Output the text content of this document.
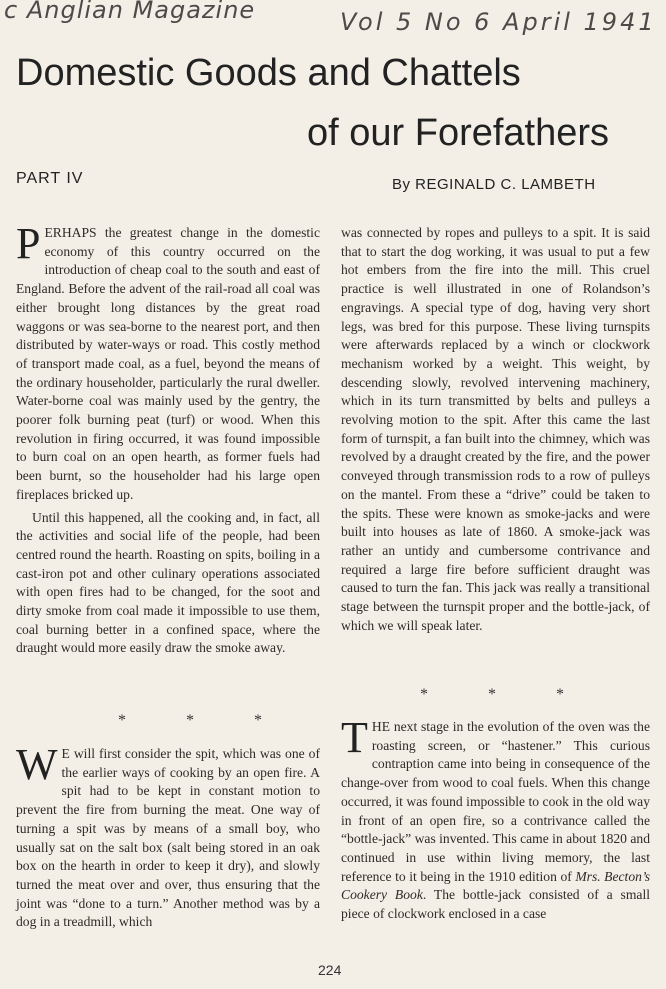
c Anglian Magazine	Vol 5 No 6 April 1941
Domestic Goods and Chattels
of our Forefathers
PART IV	By REGINALD C. LAMBETH

PERHAPS the greatest change in the domestic economy of this country occurred on the introduction of cheap coal to the south and east of England. Before the advent of the rail-road all coal was either brought long distances by the great road waggons or was sea-borne to the nearest port, and then distributed by water-ways or road. This costly method of transport made coal, as a fuel, beyond the means of the ordinary householder, particularly the rural dweller. Water-borne coal was mainly used by the gentry, the poorer folk burning peat (turf) or wood. When this revolution in firing occurred, it was found impossible to burn coal on an open hearth, as former fuels had been burnt, so the householder had his large open fireplaces bricked up.

Until this happened, all the cooking and, in fact, all the activities and social life of the people, had been centred round the hearth. Roasting on spits, boiling in a cast-iron pot and other culinary operations associated with open fires had to be changed, for the soot and dirty smoke from coal made it impossible to use them, coal burning better in a confined space, where the draught would more easily draw the smoke away.

* * *

W E will first consider the spit, which was one of the earlier ways of cooking by an open fire. A spit had to be kept in constant motion to prevent the fire from burning the meat. One way of turning a spit was by means of a small boy, who usually sat on the salt box (salt being stored in an oak box on the hearth in order to keep it dry), and slowly turned the meat over and over, thus ensuring that the joint was “done to a turn.” Another method was by a dog in a treadmill, which

was connected by ropes and pulleys to a spit. It is said that to start the dog working, it was usual to put a few hot embers from the fire into the mill. This cruel practice is well illustrated in one of Rolandson’s engravings. A special type of dog, having very short legs, was bred for this purpose. These living turnspits were afterwards replaced by a winch or clockwork mechanism worked by a weight. This weight, by descending slowly, revolved intervening machinery, which in its turn transmitted by belts and pulleys a revolving motion to the spit. After this came the last form of turnspit, a fan built into the chimney, which was revolved by a draught created by the fire, and the power conveyed through transmission rods to a row of pulleys on the mantel. From these a “drive” could be taken to the spits. These were known as smoke-jacks and were built into houses as late of 1860. A smoke-jack was rather an untidy and cumbersome contrivance and required a large fire before sufficient draught was caused to turn the fan. This jack was really a transitional stage between the turnspit proper and the bottle-jack, of which we will speak later.

* * *

THE next stage in the evolution of the oven was the roasting screen, or “hastener.” This curious contraption came into being in consequence of the change-over from wood to coal fuels. When this change occurred, it was found impossible to cook in the old way in front of an open fire, so a contrivance called the “bottle-jack” was invented. This came in about 1820 and continued in use within living memory, the last reference to it being in the 1910 edition of Mrs. Becton’s Cookery Book. The bottle-jack consisted of a small piece of clockwork enclosed in a case

224
